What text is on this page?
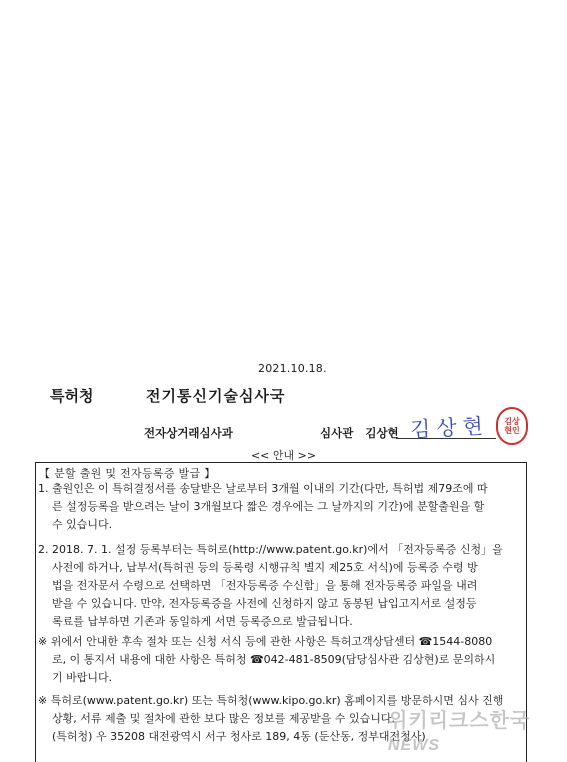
2021.10.18.
특허청	전기통신기술심사국
전자상거래심사과	심사관 김상현 김상현 김상
현인
<< 안내 >>
【 분할 출원 및 전자등록증 발급 】
1. 출원인은 이 특허결정서를 송달받은 날로부터 3개월 이내의 기간(다만, 특허법 제79조에 따
른 설정등록을 받으려는 날이 3개월보다 짧은 경우에는 그 날까지의 기간)에 분할출원을 할
수 있습니다.
2. 2018. 7. 1. 설정 등록부터는 특허로(http://www.patent.go.kr)에서 「전자등록증 신청」을
사전에 하거나, 납부서(특허권 등의 등록령 시행규칙 별지 제25호 서식)에 등록증 수령 방
법을 전자문서 수령으로 선택하면 「전자등록증 수신함」을 통해 전자등록증 파일을 내려
받을 수 있습니다. 만약, 전자등록증을 사전에 신청하지 않고 동봉된 납입고지서로 설정등
록료를 납부하면 기존과 동일하게 서면 등록증으로 발급됩니다.
※ 위에서 안내한 후속 절차 또는 신청 서식 등에 관한 사항은 특허고객상담센터 ☎1544-8080
로, 이 통지서 내용에 대한 사항은 특허청 ☎042-481-8509(담당심사관 김상현)로 문의하시
기 바랍니다.
※ 특허로(www.patent.go.kr) 또는 특허청(www.kipo.go.kr) 홈페이지를 방문하시면 심사 진행
상황, 서류 제출 및 절차에 관한 보다 많은 정보를 제공받을 수 있습니다.
(특허청) 우 35208 대전광역시 서구 청사로 189, 4동 (둔산동, 정부대전청사)
위키리크스한국 NEWS
